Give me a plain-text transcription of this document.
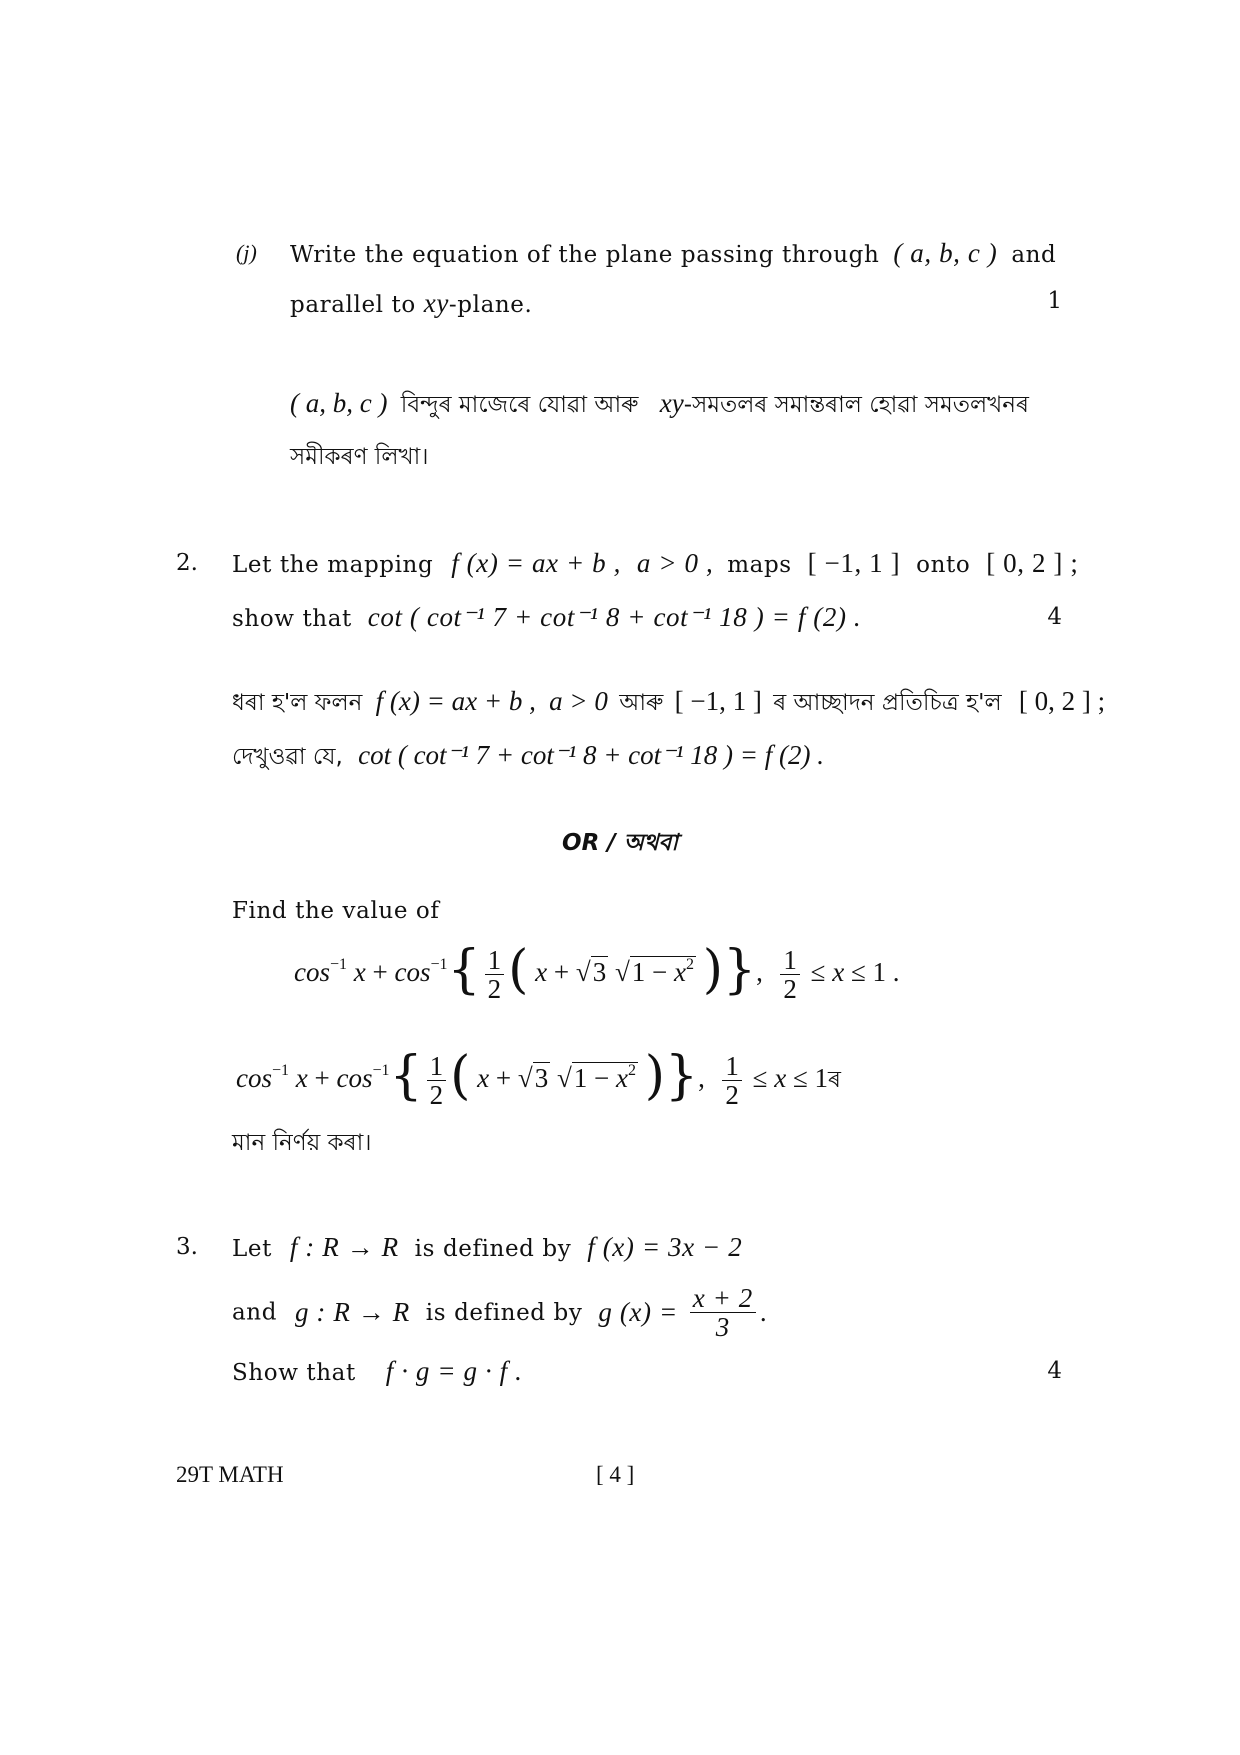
(j) Write the equation of the plane passing through ( a, b, c ) and
parallel to xy-plane.	1
( a, b, c ) বিন্দুৰ মাজেৰে যোৱা আৰু xy-সমতলৰ সমান্তৰাল হোৱা সমতলখনৰ
সমীকৰণ লিখা।
2. Let the mapping f (x) = ax + b , a > 0 , maps [ −1, 1 ] onto [ 0, 2 ] ;
show that cot ( cot⁻¹ 7 + cot⁻¹ 8 + cot⁻¹ 18 ) = f (2) .	4
ধৰা হ'ল ফলন f (x) = ax + b , a > 0 আৰু [ −1, 1 ] ৰ আচ্ছাদন প্ৰতিচিত্ৰ হ'ল [ 0, 2 ] ;
দেখুওৱা যে, cot ( cot⁻¹ 7 + cot⁻¹ 8 + cot⁻¹ 18 ) = f (2) .
OR / অথবা
Find the value of
$\cos^{-1} x + \cos^{-1}\{ \frac{1}{2}$ ( x + √3 $√1 - x^2$ )}, $\frac{1}{2} \le x \le 1$ .
$\cos^{-1} x + \cos^{-1}\{ \frac{1}{2}$ ( x + √3 $√1 - x^2$ )}, $\frac{1}{2} \le x$ ≤ 1ৰ
মান নিৰ্ণয় কৰা।
3. Let f : R → R is defined by f (x) = 3x − 2
and g : R → R is defined by g $(x) = \frac{x + 2}{3}$ .
Show that f · g = g · f .	4
29T MATH	[ 4 ]
